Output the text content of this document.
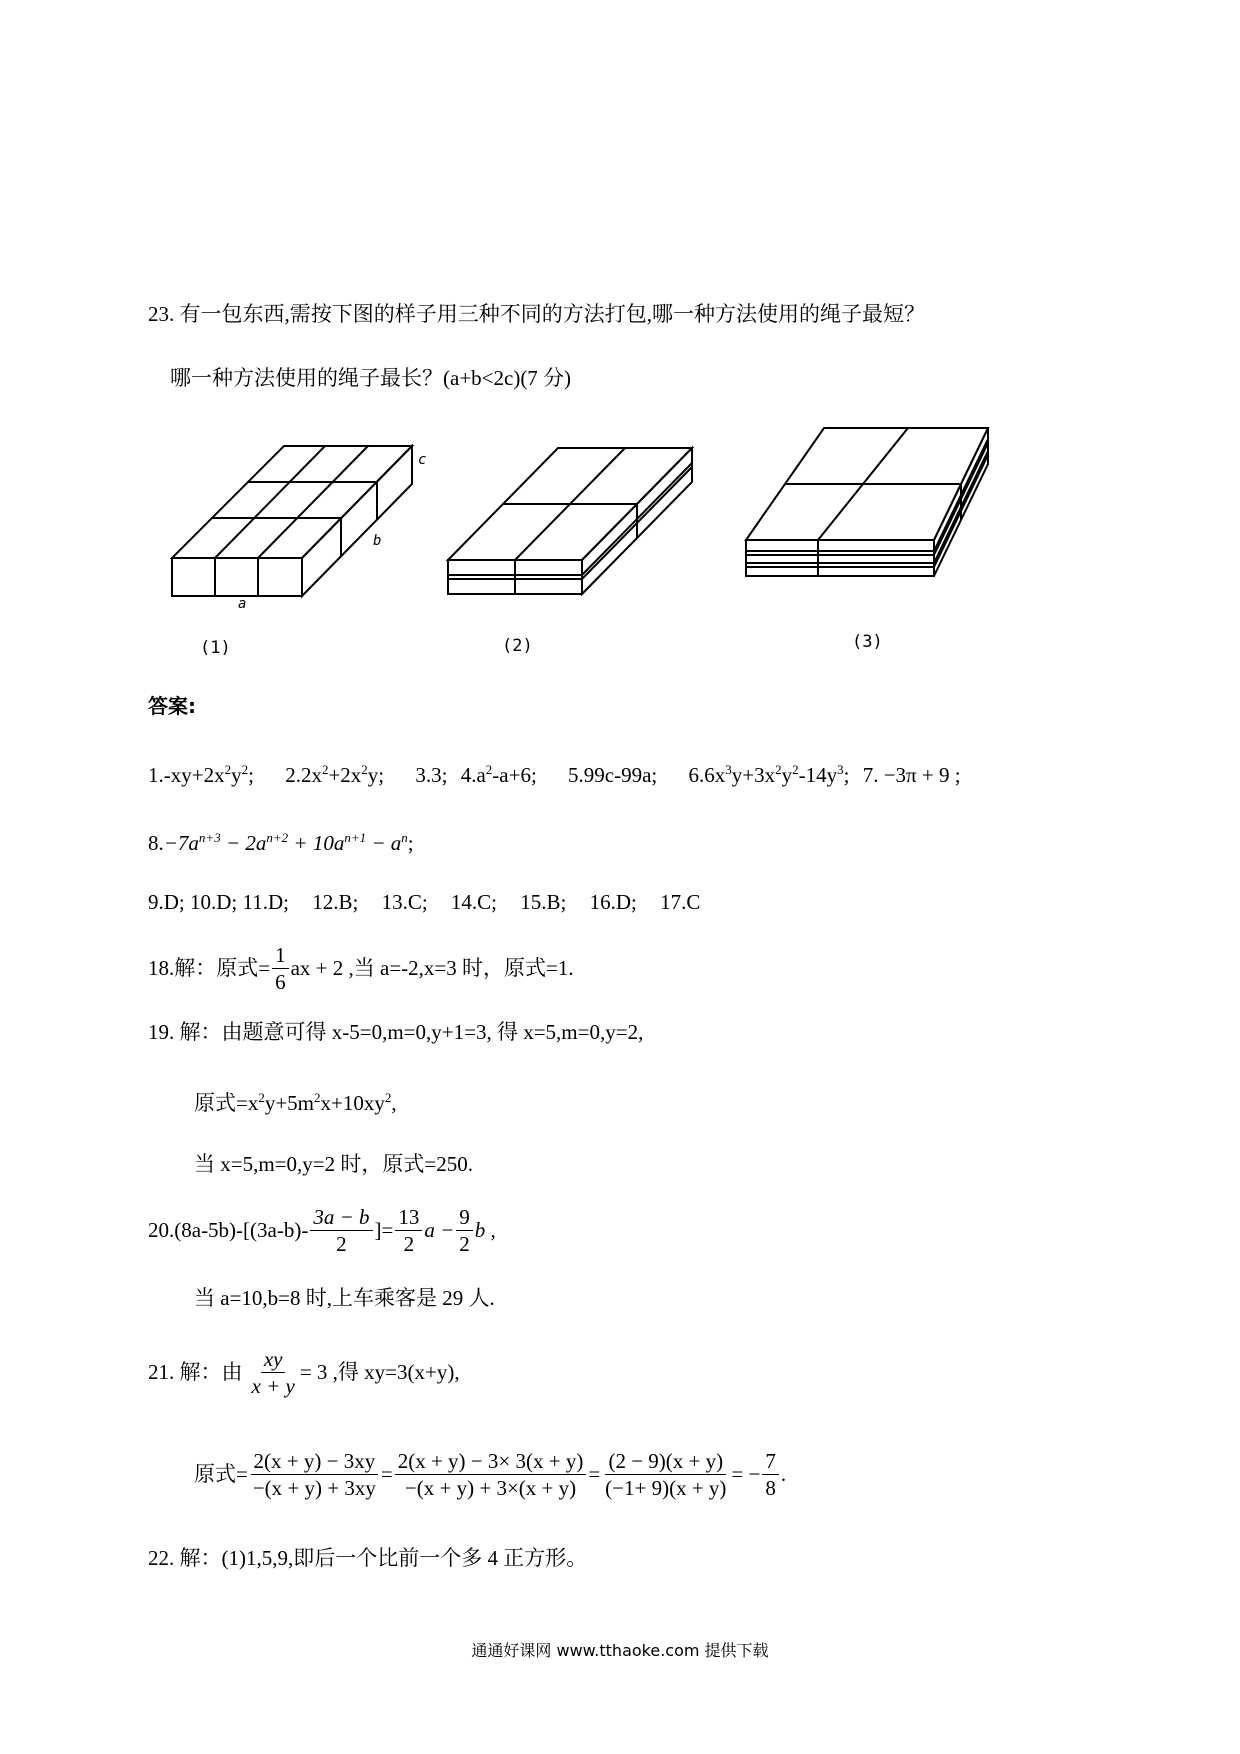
23. 有一包东西,需按下图的样子用三种不同的方法打包,哪一种方法使用的绳子最短？
哪一种方法使用的绳子最长？(a+b<2c)(7 分)
c
b
a
(1)	(2)	(3)
答案:
$1.-xy+2x^2y^2$; $2.2x^2+2x^2y$; 3.3; $4.a^2-a+6$; 5.99c-99a; $6.6x^3y+3x^2y^2-14y^3$; 7. −3π + 9 ;
$8.-7a^{n+3} - 2a^{n+2} + 10a^{n+1} - a^n$;
9.D; 10.D; 11.D; 12.B; 13.C; 14.C; 15.B; 16.D; 17.C
18.解：原式= $\frac{1}{6}$ ax + 2 ,当 a=-2,x=3 时，原式=1.
19. 解：由题意可得 x-5=0,m=0,y+1=3, 得 x=5,m=0,y=2,
原式$=x^2y+5m^2x+10xy^2$,
当 x=5,m=0,y=2 时，原式=250.
$20.(8a-5b)-[(3a-b)- \frac{3a - b}{2}$ ]= $\frac{13}{2}$ $a - \frac{9}{2}$ b ,
当 a=10,b=8 时,上车乘客是 29 人.
21. 解：由 $\frac{xy}{x + y} = 3$ ,得 xy=3(x+y),
原式= $\frac{2(x + y) - 3xy}{-(x + y) + 3xy} = \frac{2(x + y) - 3\times 3(x + y)}{-(x + y) + 3\times(x + y)} = \frac{(2 - 9)(x + y)}{(-1+ 9)(x + y)}$ = − $\frac{7}{8}$ .
22. 解：(1)1,5,9,即后一个比前一个多 4 正方形。
通通好课网 www.tthaoke.com 提供下载
